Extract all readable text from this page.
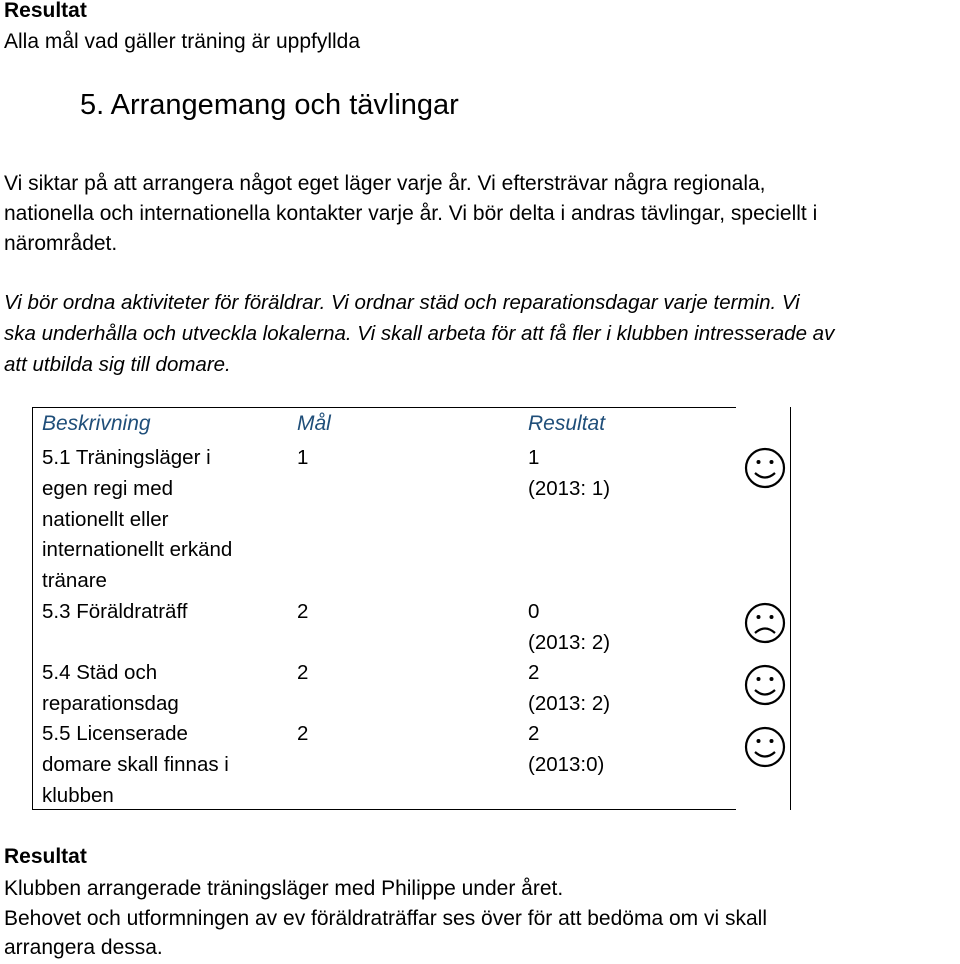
Resultat
Alla mål vad gäller träning är uppfyllda
5. Arrangemang och tävlingar
Vi siktar på att arrangera något eget läger varje år. Vi eftersträvar några regionala,
nationella och internationella kontakter varje år. Vi bör delta i andras tävlingar, speciellt i
närområdet.
Vi bör ordna aktiviteter för föräldrar. Vi ordnar städ och reparationsdagar varje termin. Vi
ska underhålla och utveckla lokalerna. Vi skall arbeta för att få fler i klubben intresserade av
att utbilda sig till domare.
Beskrivning	Mål	Resultat
5.1 Träningsläger i
egen regi med
nationellt eller
internationellt erkänd
tränare
1	1
(2013: 1)
5.3 Föräldraträff	2	0
(2013: 2)
5.4 Städ och
reparationsdag
2	2
(2013: 2)
5.5 Licenserade
domare skall finnas i
klubben
2	2
(2013:0)
Resultat
Klubben arrangerade träningsläger med Philippe under året.
Behovet och utformningen av ev föräldraträffar ses över för att bedöma om vi skall
arrangera dessa.
